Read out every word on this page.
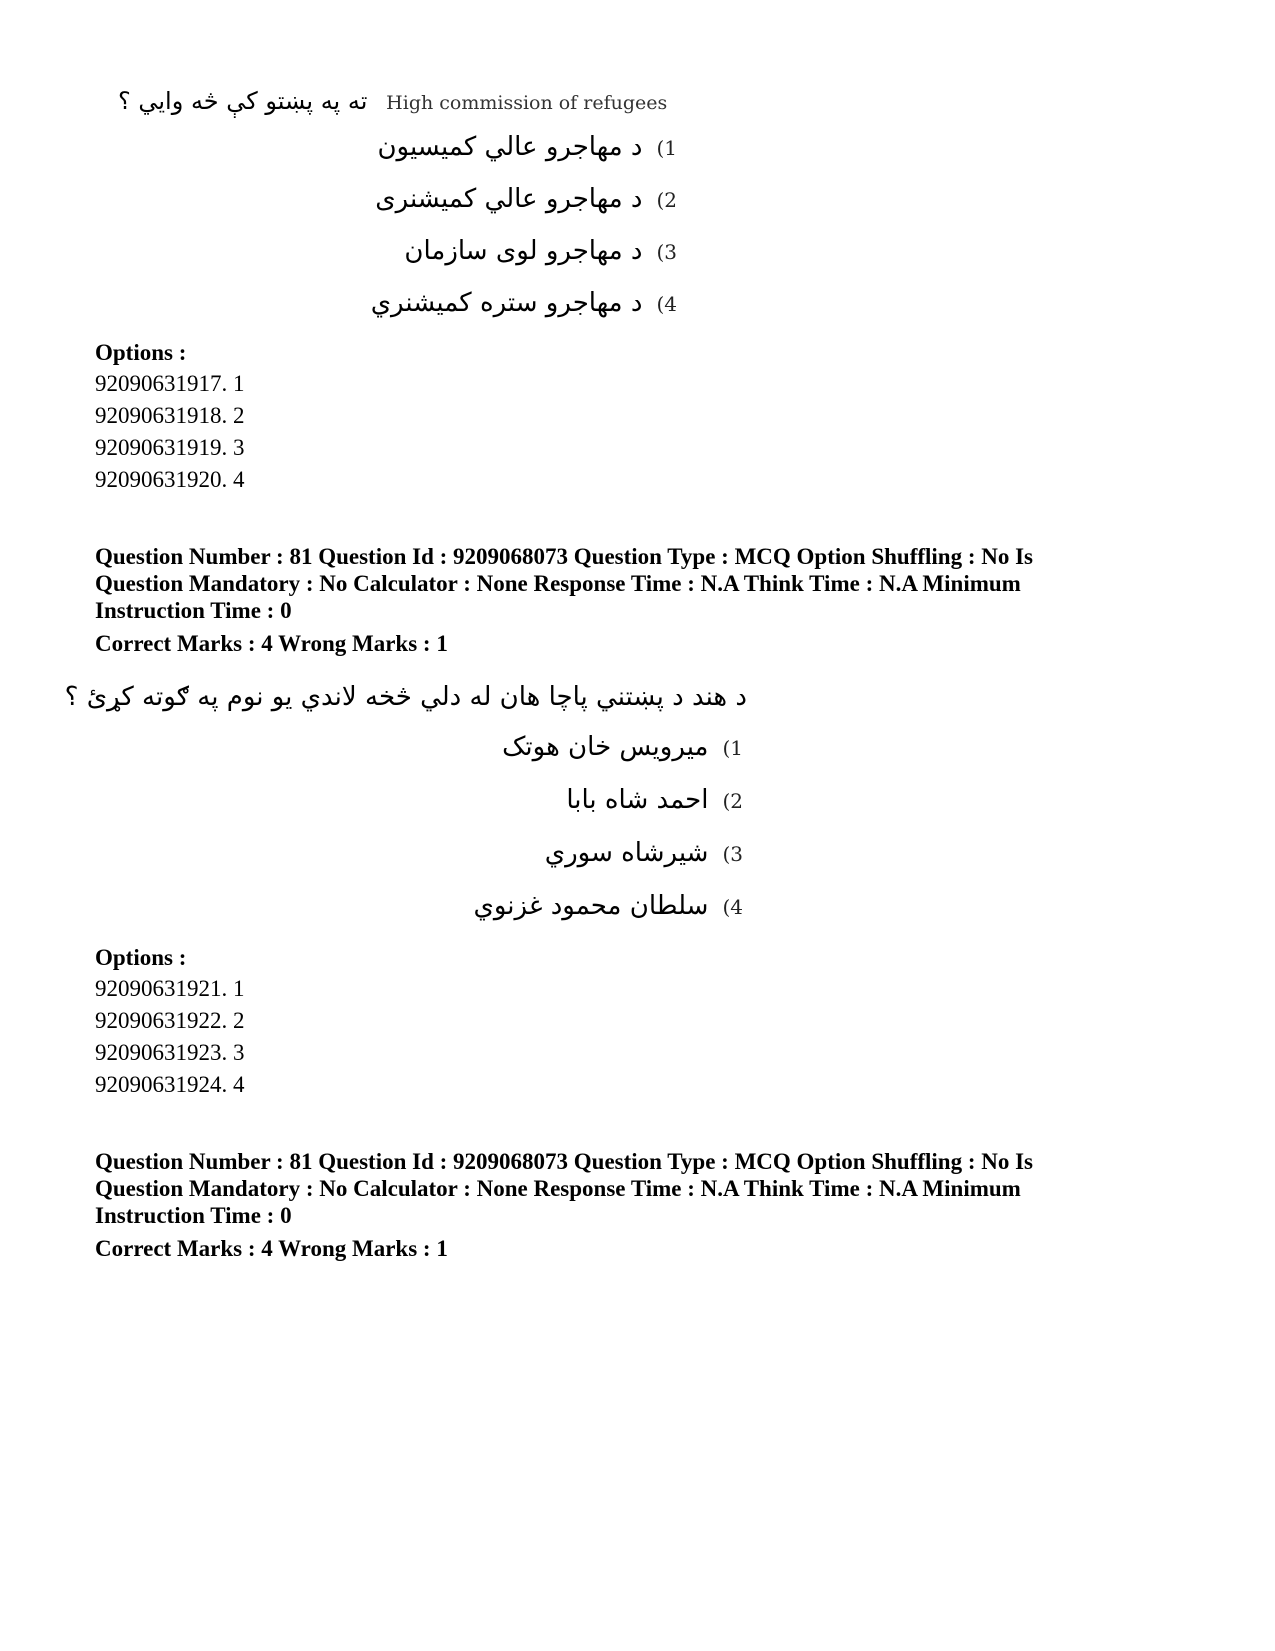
ته په پښتو کې څه وايي ؟ High commission of refugees
(1
د مهاجرو عالي کميسيون
(2
د مهاجرو عالي کميشنرى
(3
د مهاجرو لوى سازمان
(4
د مهاجرو ستره کميشنري
Options :
92090631917. 1
92090631918. 2
92090631919. 3
92090631920. 4
Question Number : 81 Question Id : 9209068073 Question Type : MCQ Option Shuffling : No Is
Question Mandatory : No Calculator : None Response Time : N.A Think Time : N.A Minimum
Instruction Time : 0
Correct Marks : 4 Wrong Marks : 1
د هند د پښتني پاچا هان له دلي څخه لاندي يو نوم په ګوته کړئ ؟
(1
ميرويس خان هوتک
(2
احمد شاه بابا
(3
شيرشاه سوري
(4
سلطان محمود غزنوي
Options :
92090631921. 1
92090631922. 2
92090631923. 3
92090631924. 4
Question Number : 81 Question Id : 9209068073 Question Type : MCQ Option Shuffling : No Is
Question Mandatory : No Calculator : None Response Time : N.A Think Time : N.A Minimum
Instruction Time : 0
Correct Marks : 4 Wrong Marks : 1
